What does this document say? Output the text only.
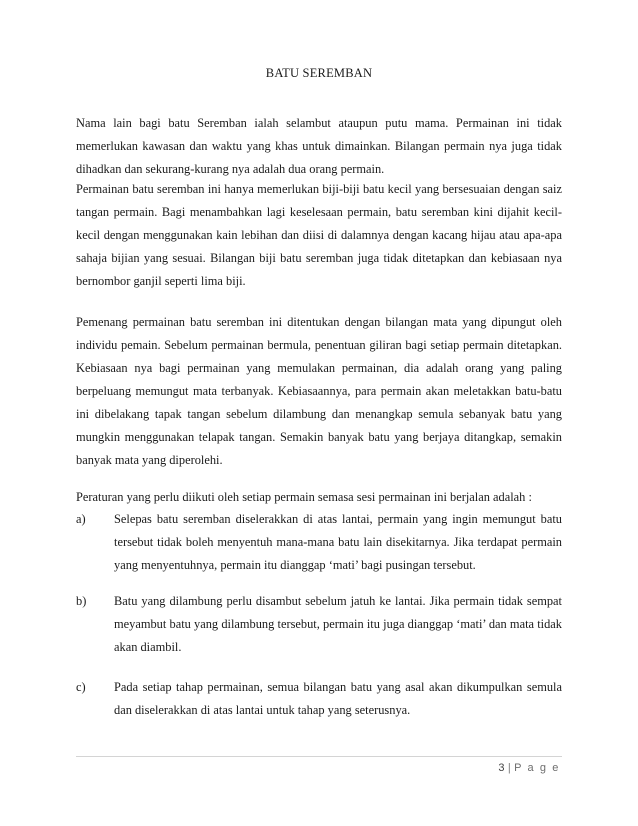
BATU SEREMBAN
Nama lain bagi batu Seremban ialah selambut ataupun putu mama. Permainan ini tidak memerlukan kawasan dan waktu yang khas untuk dimainkan. Bilangan permain nya juga tidak dihadkan dan sekurang-kurang nya adalah dua orang permain.
Permainan batu seremban ini hanya memerlukan biji-biji batu kecil yang bersesuaian dengan saiz tangan permain. Bagi menambahkan lagi keselesaan permain, batu seremban kini dijahit kecil-kecil dengan menggunakan kain lebihan dan diisi di dalamnya dengan kacang hijau atau apa-apa sahaja bijian yang sesuai. Bilangan biji batu seremban juga tidak ditetapkan dan kebiasaan nya bernombor ganjil seperti lima biji.
Pemenang permainan batu seremban ini ditentukan dengan bilangan mata yang dipungut oleh individu pemain. Sebelum permainan bermula, penentuan giliran bagi setiap permain ditetapkan. Kebiasaan nya bagi permainan yang memulakan permainan, dia adalah orang yang paling berpeluang memungut mata terbanyak. Kebiasaannya, para permain akan meletakkan batu-batu ini dibelakang tapak tangan sebelum dilambung dan menangkap semula sebanyak batu yang mungkin menggunakan telapak tangan. Semakin banyak batu yang berjaya ditangkap, semakin banyak mata yang diperolehi.
Peraturan yang perlu diikuti oleh setiap permain semasa sesi permainan ini berjalan adalah :
a)	Selepas batu seremban diselerakkan di atas lantai, permain yang ingin memungut batu tersebut tidak boleh menyentuh mana-mana batu lain disekitarnya. Jika terdapat permain yang menyentuhnya, permain itu dianggap ‘mati’ bagi pusingan tersebut.
b)	Batu yang dilambung perlu disambut sebelum jatuh ke lantai. Jika permain tidak sempat meyambut batu yang dilambung tersebut, permain itu juga dianggap ‘mati’ dan mata tidak akan diambil.
c)	Pada setiap tahap permainan, semua bilangan batu yang asal akan dikumpulkan semula dan diselerakkan di atas lantai untuk tahap yang seterusnya.
3 | P a g e
